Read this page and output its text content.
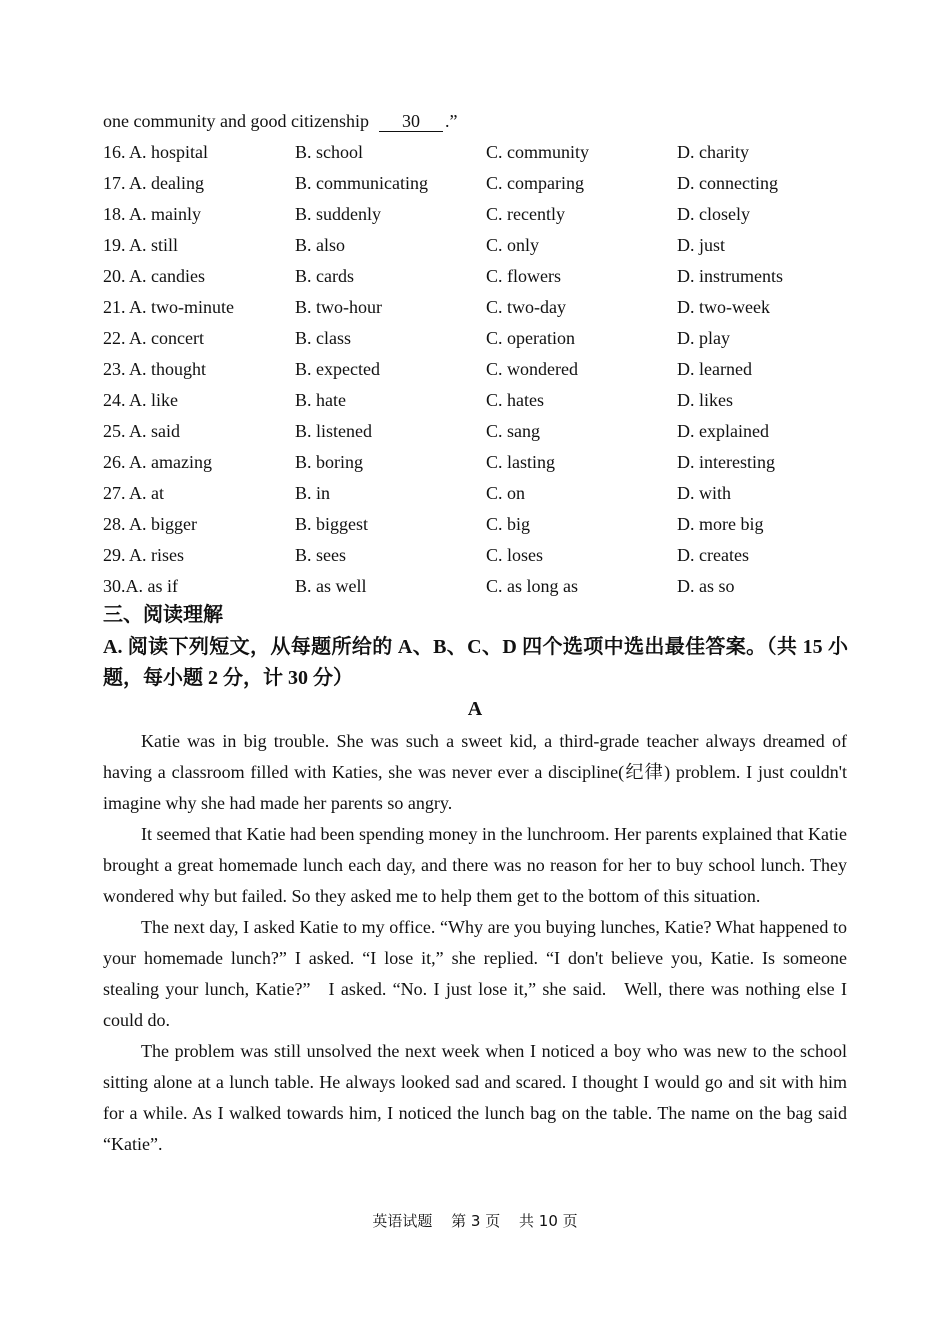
one community and good citizenship 30 .”
16. A. hospital	B. school	C. community	D. charity
17. A. dealing	B. communicating	C. comparing	D. connecting
18. A. mainly	B. suddenly	C. recently	D. closely
19. A. still	B. also	C. only	D. just
20. A. candies	B. cards	C. flowers	D. instruments
21. A. two-minute	B. two-hour	C. two-day	D. two-week
22. A. concert	B. class	C. operation	D. play
23. A. thought	B. expected	C. wondered	D. learned
24. A. like	B. hate	C. hates	D. likes
25. A. said	B. listened	C. sang	D. explained
26. A. amazing	B. boring	C. lasting	D. interesting
27. A. at	B. in	C. on	D. with
28. A. bigger	B. biggest	C. big	D. more big
29. A. rises	B. sees	C. loses	D. creates
30.A. as if	B. as well	C. as long as	D. as so
三、阅读理解
A. 阅读下列短文，从每题所给的 A、B、C、D 四个选项中选出最佳答案。（共 15 小题，每小题 2 分，计 30 分）
A

Katie was in big trouble. She was such a sweet kid, a third-grade teacher always dreamed of having a classroom filled with Katies, she was never ever a discipline(纪律) problem. I just couldn't imagine why she had made her parents so angry.

It seemed that Katie had been spending money in the lunchroom. Her parents explained that Katie brought a great homemade lunch each day, and there was no reason for her to buy school lunch. They wondered why but failed. So they asked me to help them get to the bottom of this situation.

The next day, I asked Katie to my office. “Why are you buying lunches, Katie? What happened to your homemade lunch?” I asked. “I lose it,” she replied. “I don't believe you, Katie. Is someone stealing your lunch, Katie?” I asked. “No. I just lose it,” she said. Well, there was nothing else I could do.

The problem was still unsolved the next week when I noticed a boy who was new to the school sitting alone at a lunch table. He always looked sad and scared. I thought I would go and sit with him for a while. As I walked towards him, I noticed the lunch bag on the table. The name on the bag said “Katie”.

英语试题 第 3 页 共 10 页
